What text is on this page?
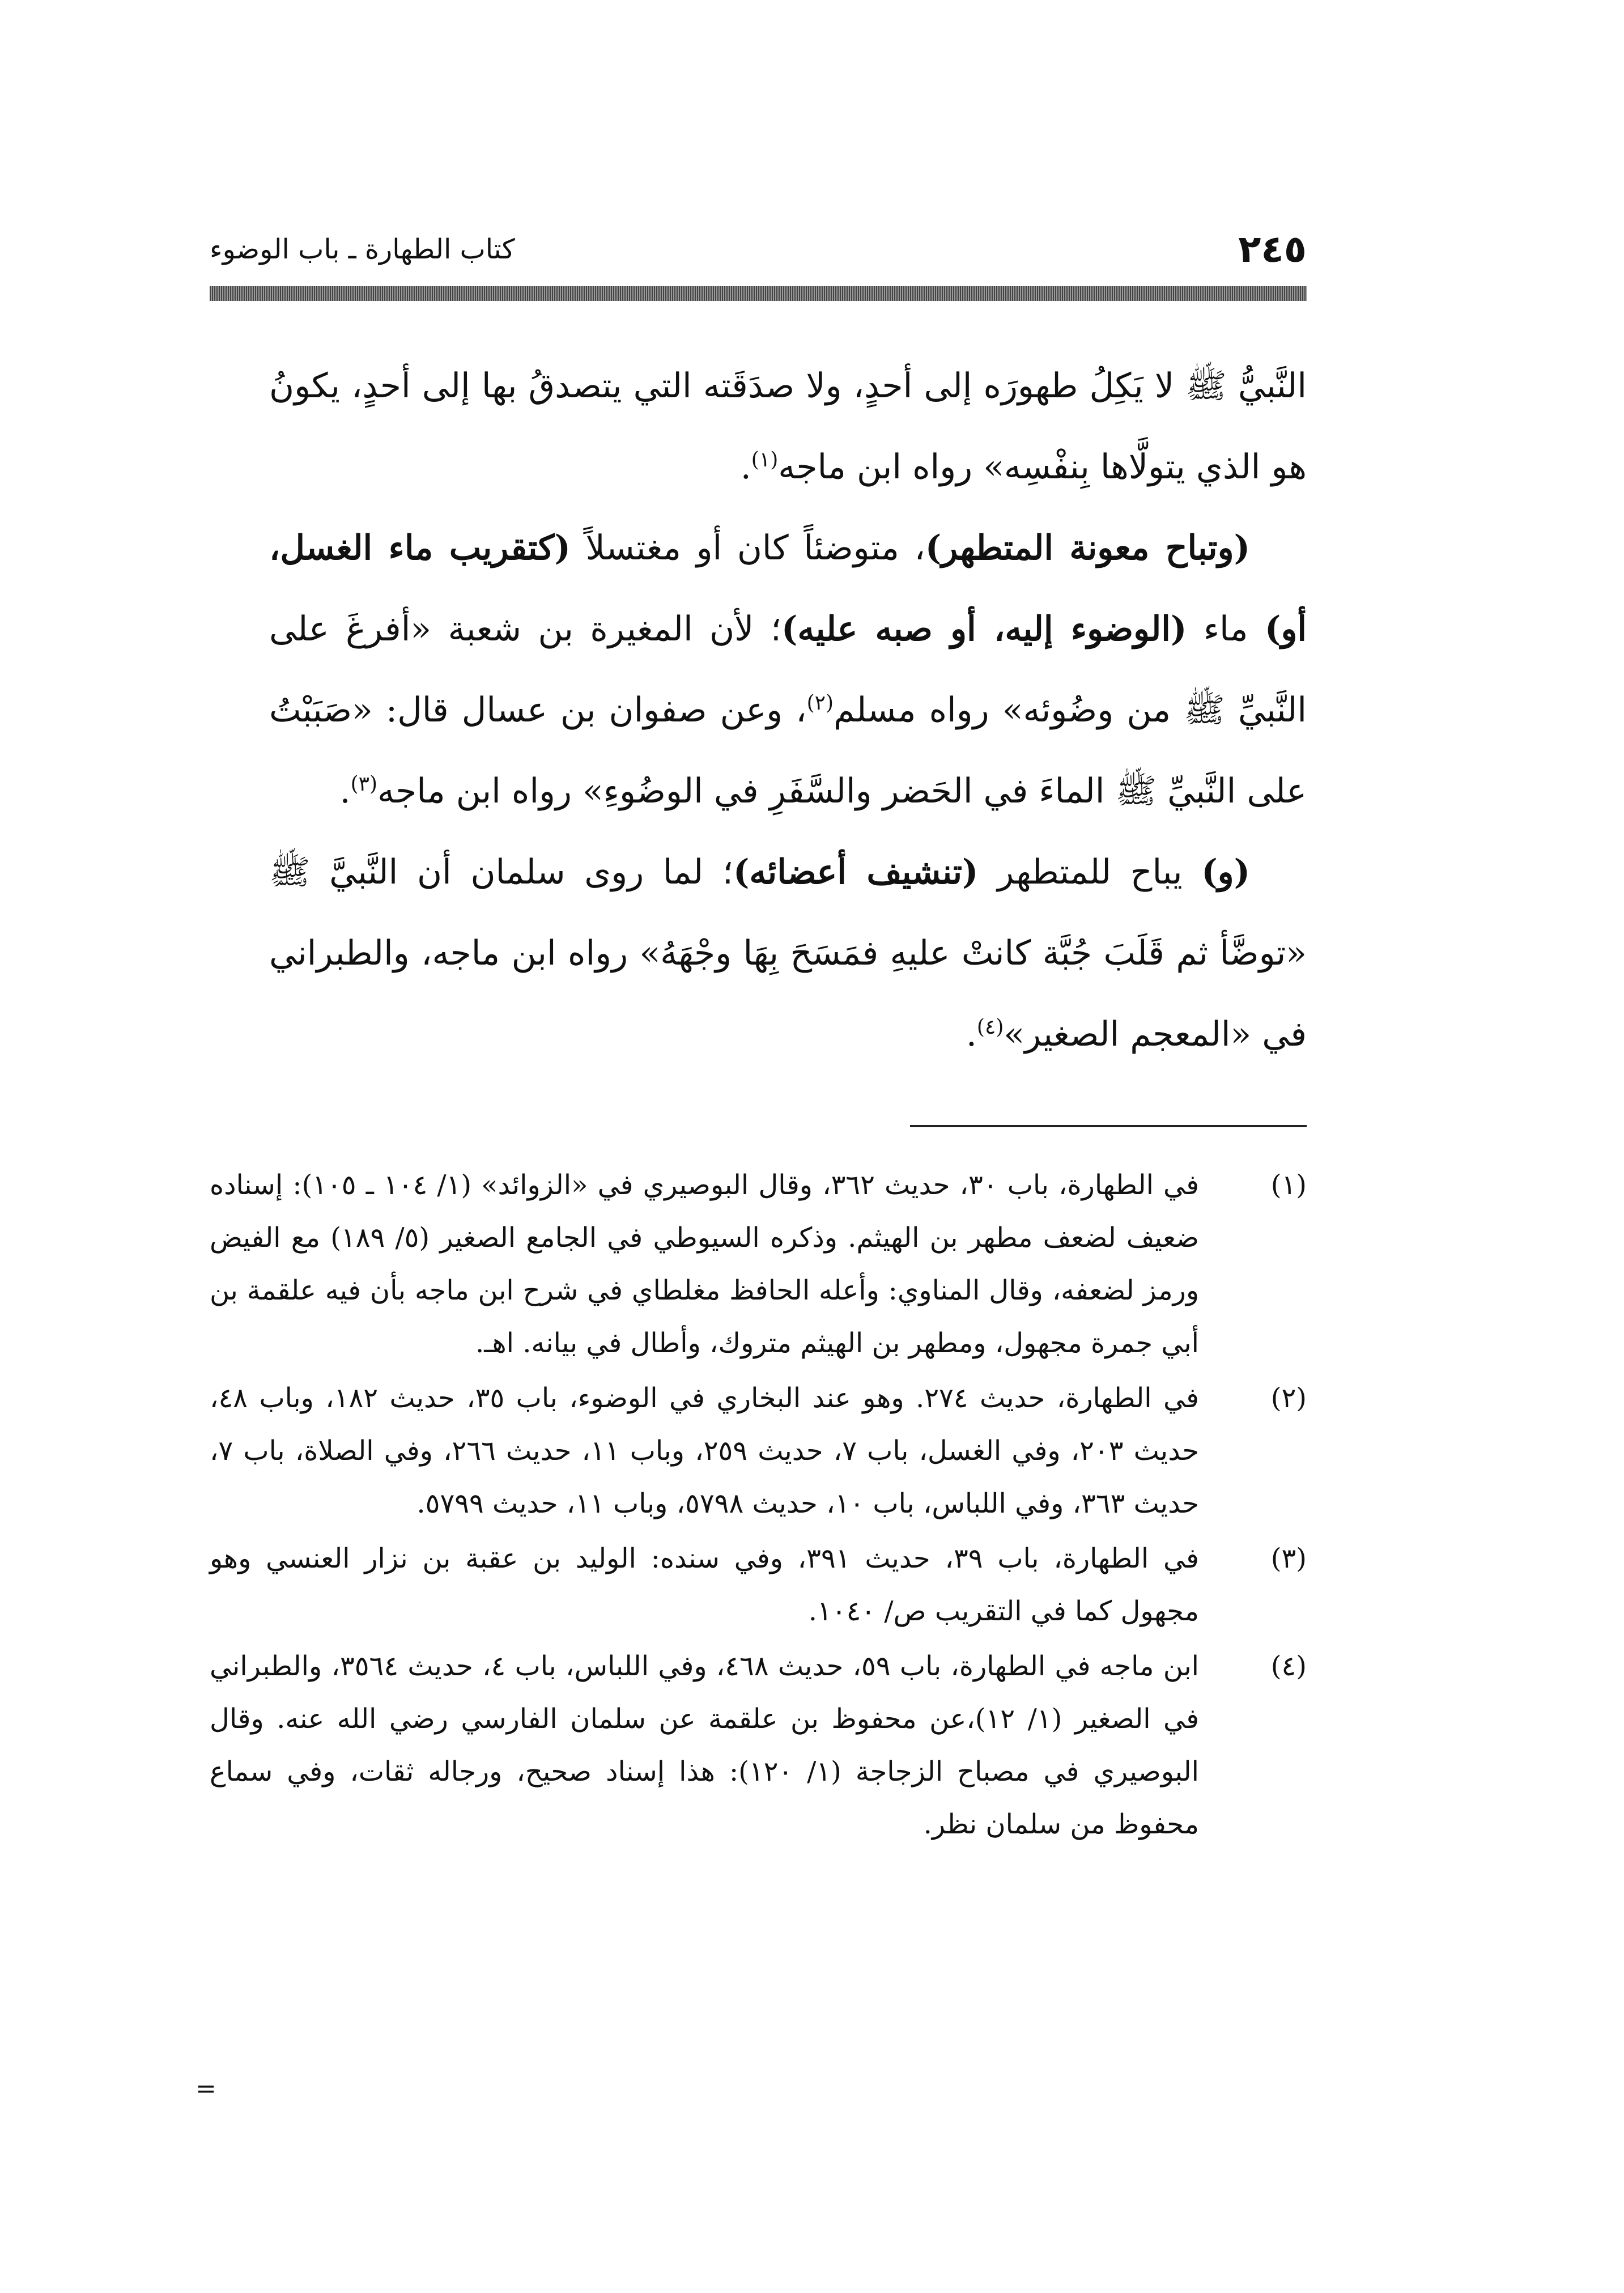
٢٤٥
كتاب الطهارة ـ باب الوضوء

النَّبيُّ ﷺ لا يَكِلُ طهورَه إلى أحدٍ، ولا صدَقَته التي يتصدقُ بها إلى أحدٍ، يكونُ هو الذي يتولَّاها بِنفْسِه» رواه ابن ماجه$^{(١)}$.

(وتباح معونة المتطهر)، متوضئاً كان أو مغتسلاً (كتقريب ماء الغسل، أو) ماء (الوضوء إليه، أو صبه عليه)؛ لأن المغيرة بن شعبة «أفرغَ على النَّبيِّ ﷺ من وضُوئه» رواه مسلم$^{(٢)}$، وعن صفوان بن عسال قال: «صَبَبْتُ على النَّبيِّ ﷺ الماءَ في الحَضر والسَّفَرِ في الوضُوءِ» رواه ابن ماجه$^{(٣)}$.

(و) يباح للمتطهر (تنشيف أعضائه)؛ لما روى سلمان أن النَّبيَّ ﷺ «توضَّأ ثم قَلَبَ جُبَّة كانتْ عليهِ فمَسَحَ بِهَا وجْهَهُ» رواه ابن ماجه، والطبراني في «المعجم الصغير»$^{(٤)}$.

(١)
في الطهارة، باب ٣٠، حديث ٣٦٢، وقال البوصيري في «الزوائد» (١/ ١٠٤ ـ ١٠٥): إسناده ضعيف لضعف مطهر بن الهيثم. وذكره السيوطي في الجامع الصغير (٥/ ١٨٩) مع الفيض ورمز لضعفه، وقال المناوي: وأعله الحافظ مغلطاي في شرح ابن ماجه بأن فيه علقمة بن أبي جمرة مجهول، ومطهر بن الهيثم متروك، وأطال في بيانه. اهـ.
(٢)
في الطهارة، حديث ٢٧٤. وهو عند البخاري في الوضوء، باب ٣٥، حديث ١٨٢، وباب ٤٨، حديث ٢٠٣، وفي الغسل، باب ٧، حديث ٢٥٩، وباب ١١، حديث ٢٦٦، وفي الصلاة، باب ٧، حديث ٣٦٣، وفي اللباس، باب ١٠، حديث ٥٧٩٨، وباب ١١، حديث ٥٧٩٩.
(٣)
في الطهارة، باب ٣٩، حديث ٣٩١، وفي سنده: الوليد بن عقبة بن نزار العنسي وهو مجهول كما في التقريب ص/ ١٠٤٠.
(٤)
ابن ماجه في الطهارة، باب ٥٩، حديث ٤٦٨، وفي اللباس، باب ٤، حديث ٣٥٦٤، والطبراني في الصغير (١/ ١٢)،عن محفوظ بن علقمة عن سلمان الفارسي رضي الله عنه. وقال البوصيري في مصباح الزجاجة (١/ ١٢٠): هذا إسناد صحيح، ورجاله ثقات، وفي سماع محفوظ من سلمان نظر.
=
